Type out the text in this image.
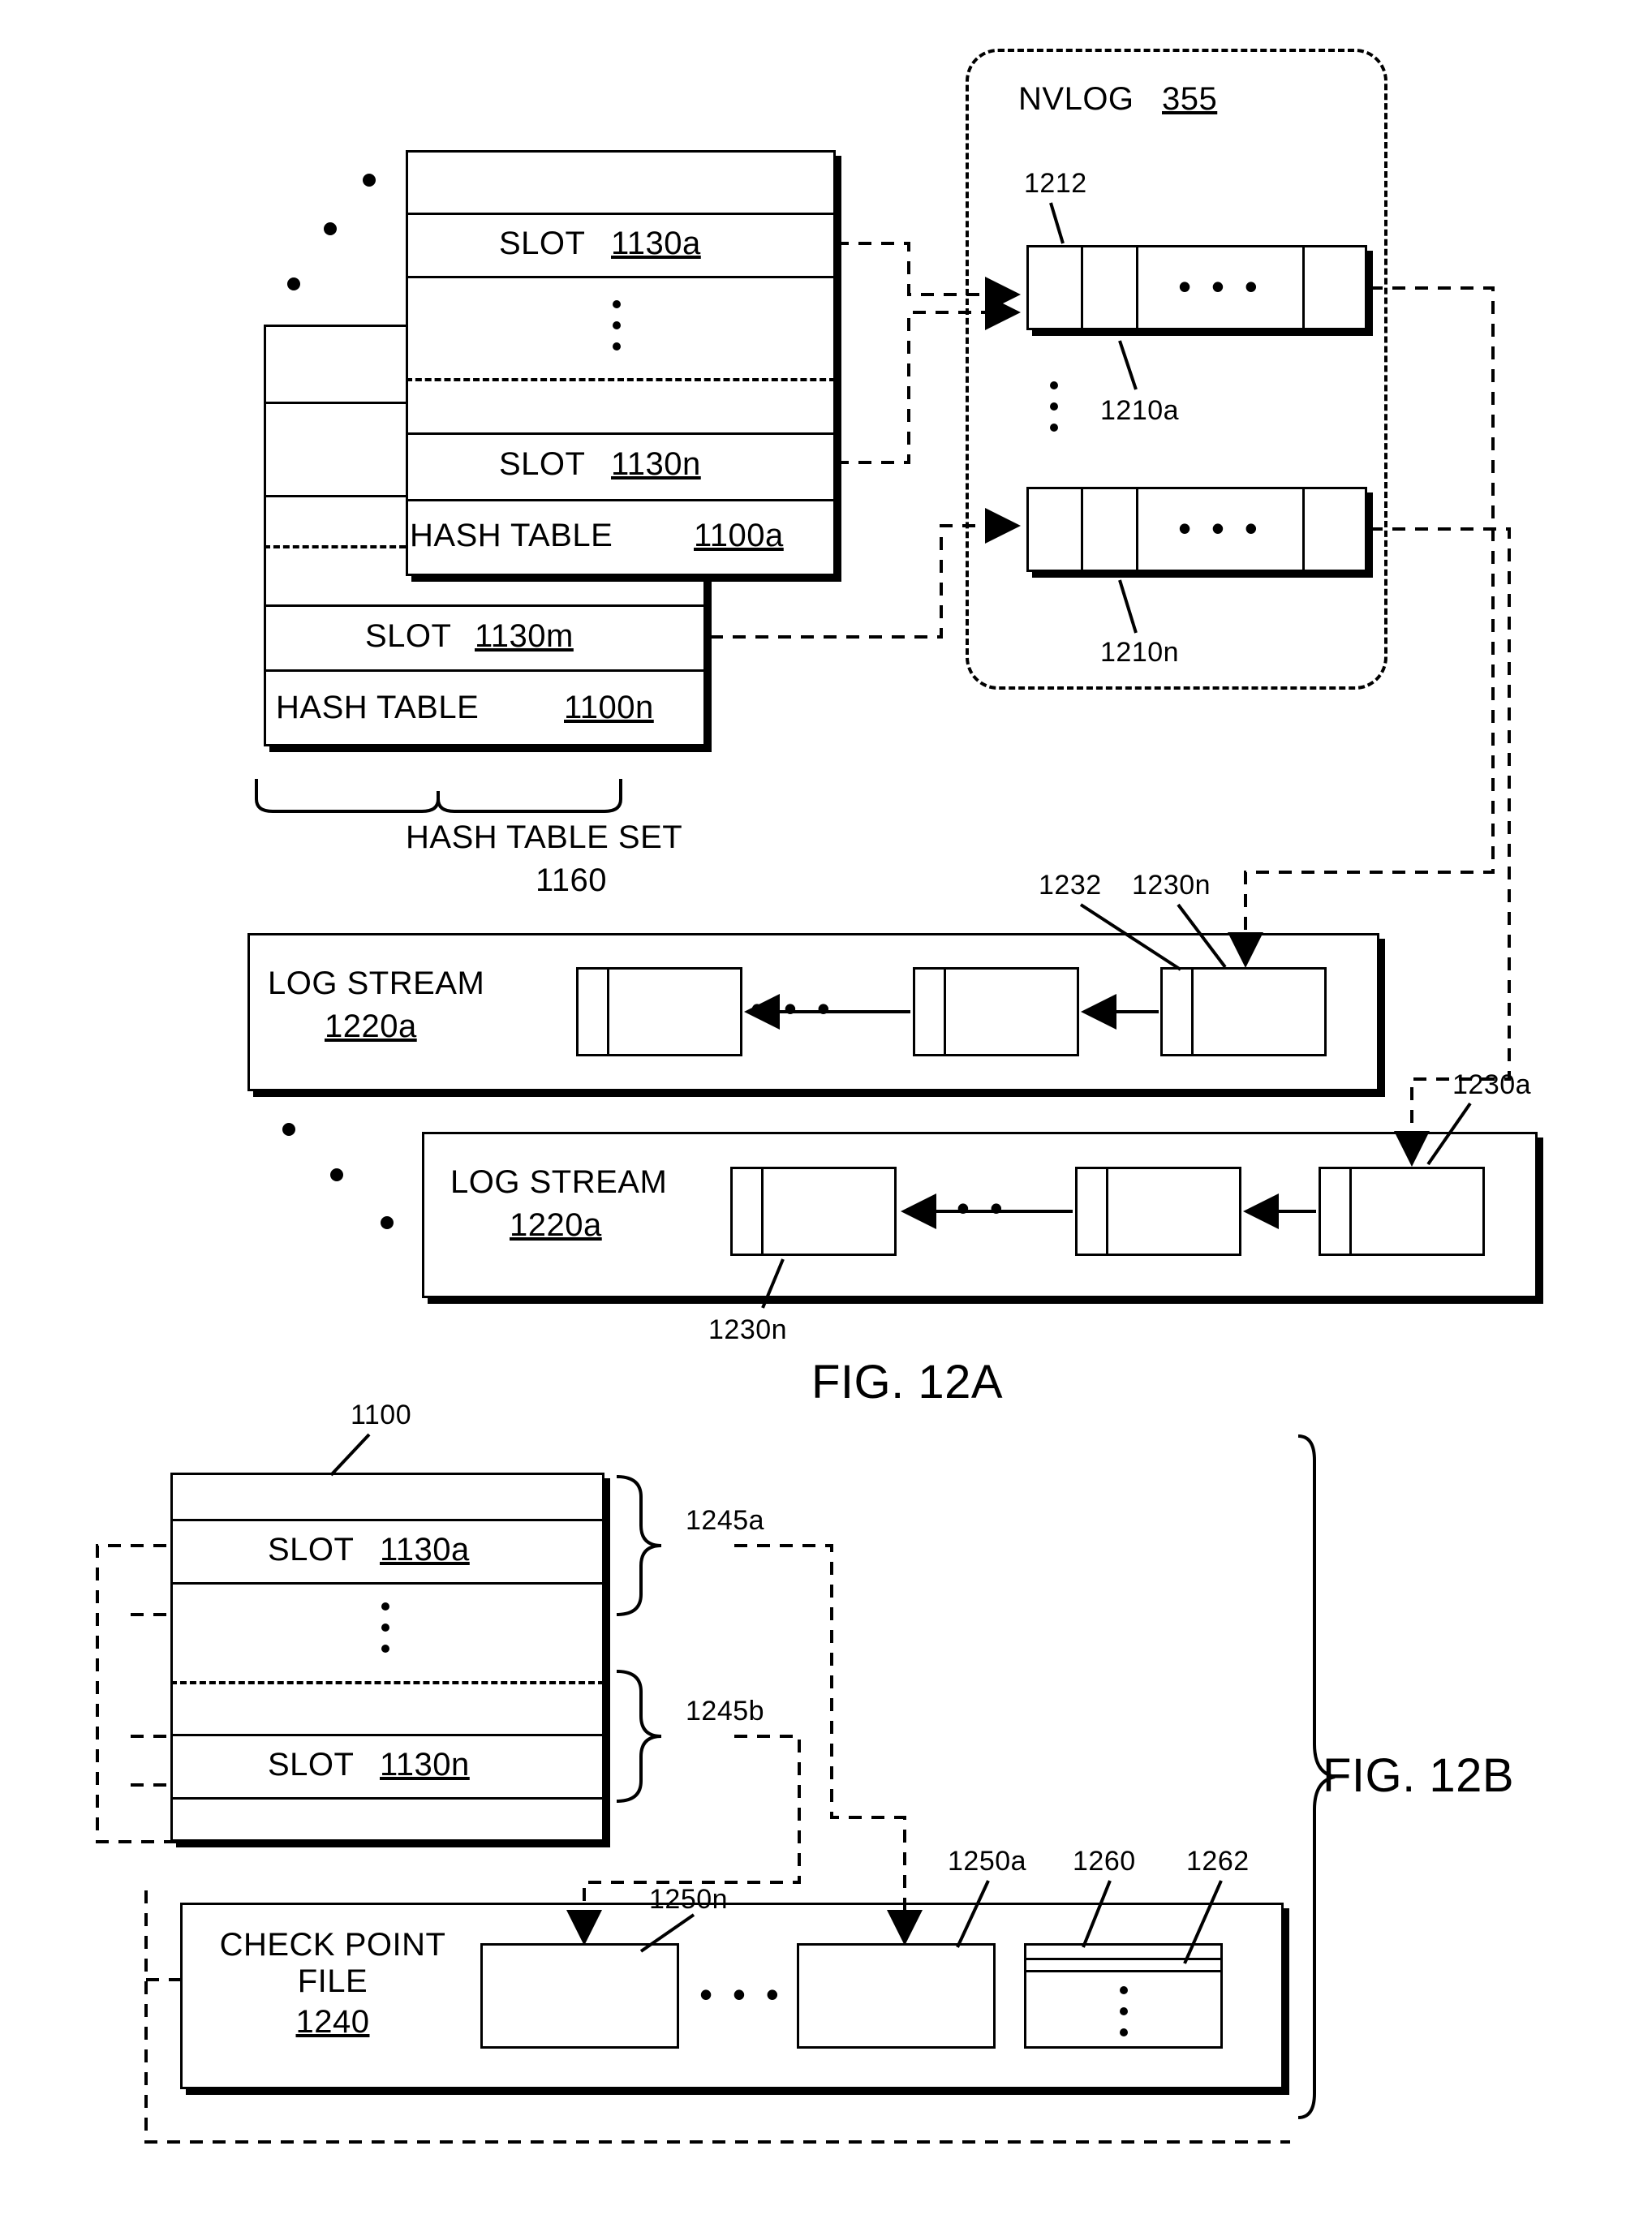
NVLOG 355
• • •
1212
1210a
• • •
1210n
SLOT 1130m
HASH TABLE	1100n
SLOT 1130a
SLOT 1130n
HASH TABLE 1100a
HASH TABLE SET
1160
LOG STREAM
1220a	• • •
1232 1230n
LOG STREAM
1220a	• • •
1230a
1230n
FIG. 12A
1100
SLOT 1130a
SLOT 1130n
1245a
1245b
CHECK POINT
FILE
1240
• • •
1250n
1250a 1260 1262
FIG. 12B
